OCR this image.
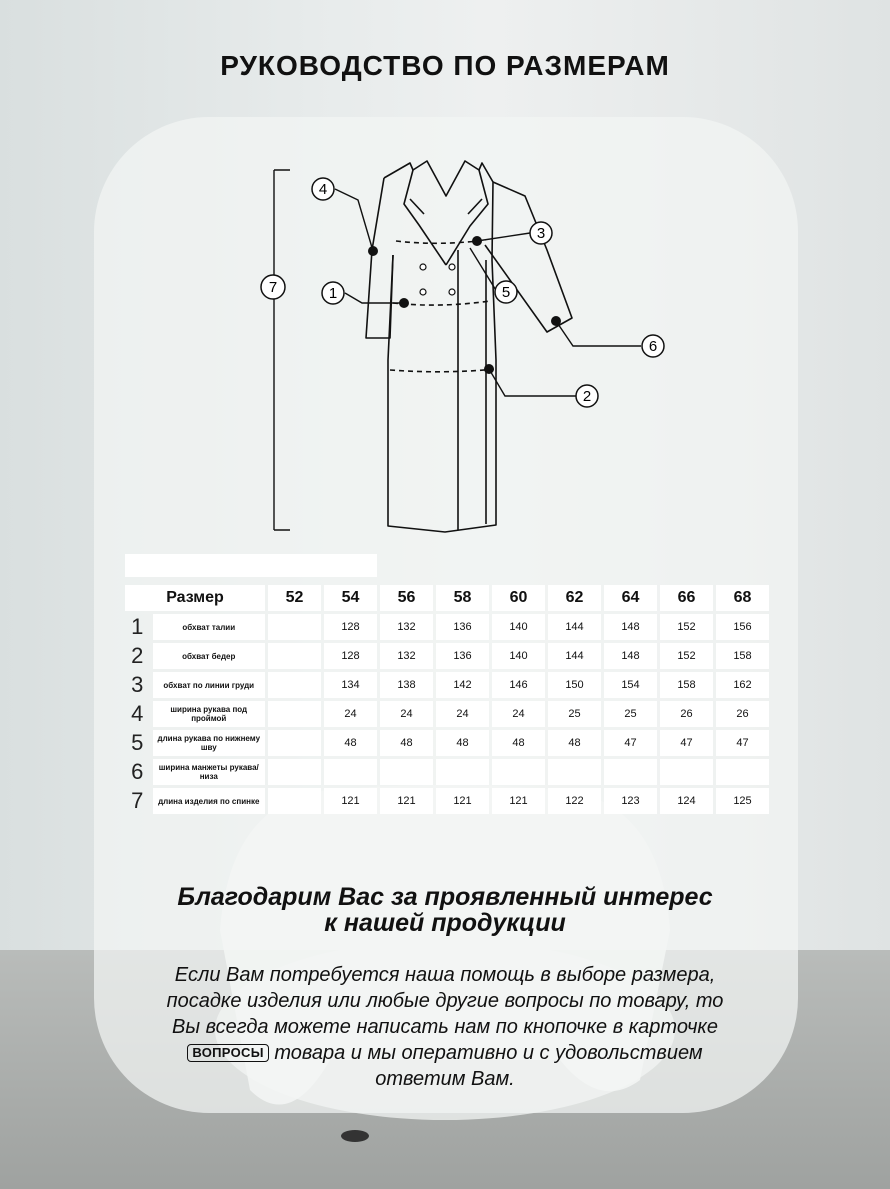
РУКОВОДСТВО ПО РАЗМЕРАМ
4
3
7	1	5
6
2
Размер		52	54	56	58	60	62	64	66	68
1	обхват талии		128	132	136	140	144	148	152	156
2	обхват бедер		128	132	136	140	144	148	152	158
3	обхват по линии груди		134	138	142	146	150	154	158	162
4	ширина рукава под проймой		24	24	24	24	25	25	26	26
5	длина рукава по нижнему шву		48	48	48	48	48	47	47	47
6	ширина манжеты рукава/низа									
7	длина изделия по спинке		121	121	121	121	122	123	124	125
Благодарим Вас за проявленный интерес
к нашей продукции
Если Вам потребуется наша помощь в выборе размера, посадке изделия или любые другие вопросы по товару, то Вы всегда можете написать нам по кнопочке в карточке ВОПРОСЫ товара и мы оперативно и с удовольствием ответим Вам.
